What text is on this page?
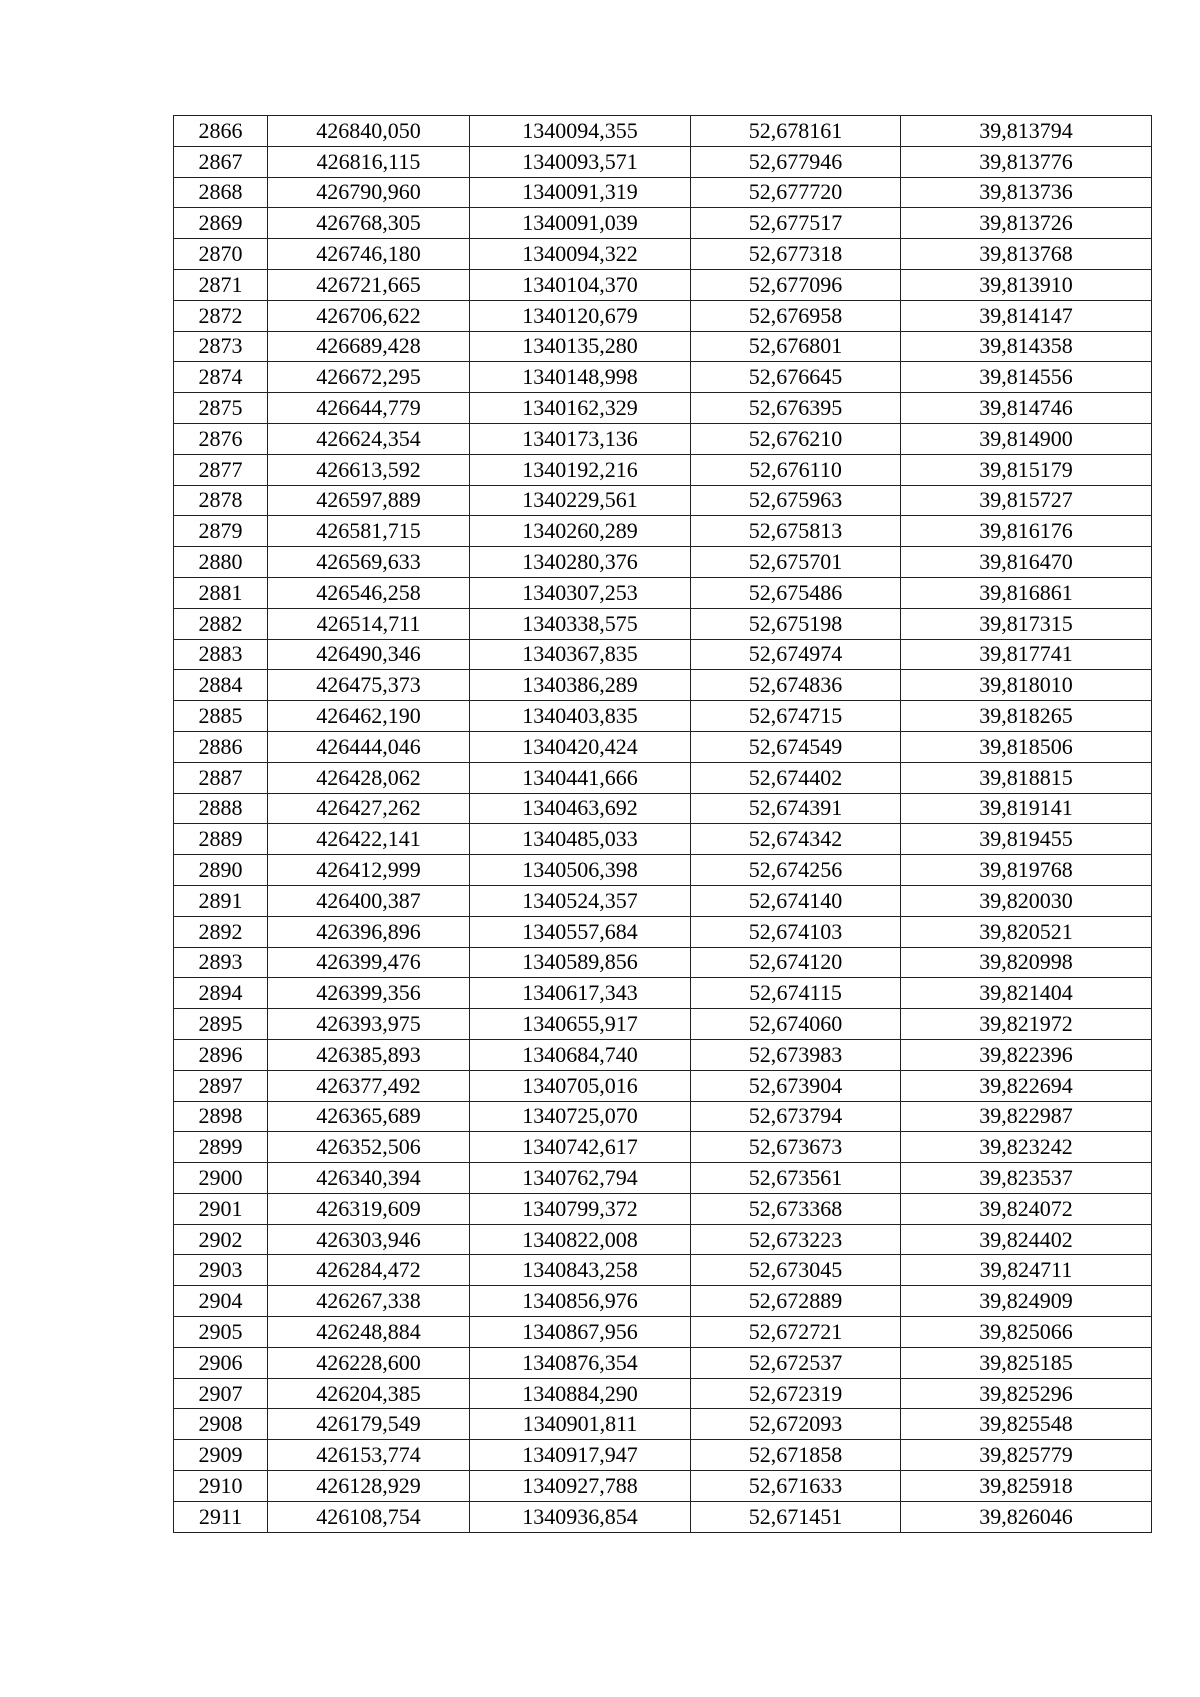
2866	426840,050	1340094,355	52,678161	39,813794
2867	426816,115	1340093,571	52,677946	39,813776
2868	426790,960	1340091,319	52,677720	39,813736
2869	426768,305	1340091,039	52,677517	39,813726
2870	426746,180	1340094,322	52,677318	39,813768
2871	426721,665	1340104,370	52,677096	39,813910
2872	426706,622	1340120,679	52,676958	39,814147
2873	426689,428	1340135,280	52,676801	39,814358
2874	426672,295	1340148,998	52,676645	39,814556
2875	426644,779	1340162,329	52,676395	39,814746
2876	426624,354	1340173,136	52,676210	39,814900
2877	426613,592	1340192,216	52,676110	39,815179
2878	426597,889	1340229,561	52,675963	39,815727
2879	426581,715	1340260,289	52,675813	39,816176
2880	426569,633	1340280,376	52,675701	39,816470
2881	426546,258	1340307,253	52,675486	39,816861
2882	426514,711	1340338,575	52,675198	39,817315
2883	426490,346	1340367,835	52,674974	39,817741
2884	426475,373	1340386,289	52,674836	39,818010
2885	426462,190	1340403,835	52,674715	39,818265
2886	426444,046	1340420,424	52,674549	39,818506
2887	426428,062	1340441,666	52,674402	39,818815
2888	426427,262	1340463,692	52,674391	39,819141
2889	426422,141	1340485,033	52,674342	39,819455
2890	426412,999	1340506,398	52,674256	39,819768
2891	426400,387	1340524,357	52,674140	39,820030
2892	426396,896	1340557,684	52,674103	39,820521
2893	426399,476	1340589,856	52,674120	39,820998
2894	426399,356	1340617,343	52,674115	39,821404
2895	426393,975	1340655,917	52,674060	39,821972
2896	426385,893	1340684,740	52,673983	39,822396
2897	426377,492	1340705,016	52,673904	39,822694
2898	426365,689	1340725,070	52,673794	39,822987
2899	426352,506	1340742,617	52,673673	39,823242
2900	426340,394	1340762,794	52,673561	39,823537
2901	426319,609	1340799,372	52,673368	39,824072
2902	426303,946	1340822,008	52,673223	39,824402
2903	426284,472	1340843,258	52,673045	39,824711
2904	426267,338	1340856,976	52,672889	39,824909
2905	426248,884	1340867,956	52,672721	39,825066
2906	426228,600	1340876,354	52,672537	39,825185
2907	426204,385	1340884,290	52,672319	39,825296
2908	426179,549	1340901,811	52,672093	39,825548
2909	426153,774	1340917,947	52,671858	39,825779
2910	426128,929	1340927,788	52,671633	39,825918
2911	426108,754	1340936,854	52,671451	39,826046
